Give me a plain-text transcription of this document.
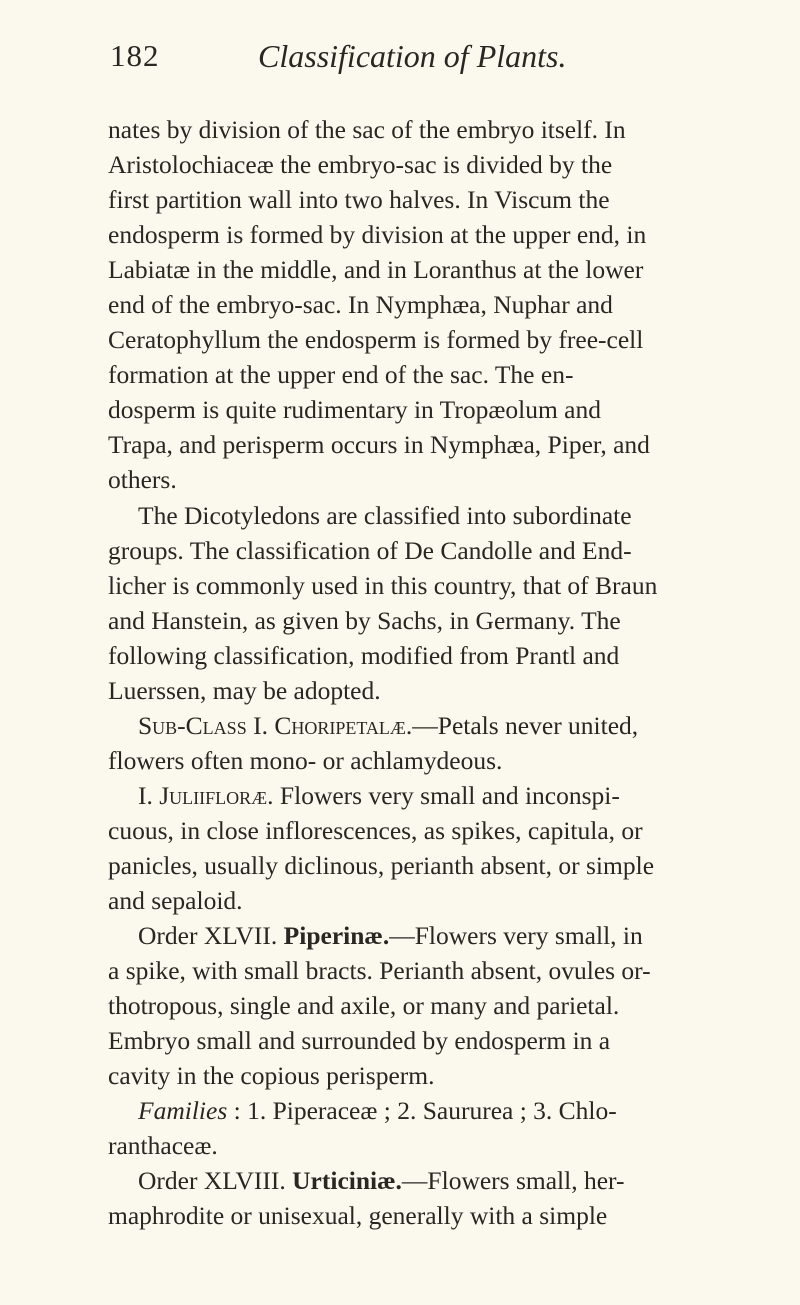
182	Classification of Plants.
nates by division of the sac of the embryo itself. In
Aristolochiaceæ the embryo-sac is divided by the
first partition wall into two halves. In Viscum the
endosperm is formed by division at the upper end, in
Labiatæ in the middle, and in Loranthus at the lower
end of the embryo-sac. In Nymphæa, Nuphar and
Ceratophyllum the endosperm is formed by free-cell
formation at the upper end of the sac. The en-
dosperm is quite rudimentary in Tropæolum and
Trapa, and perisperm occurs in Nymphæa, Piper, and
others.
The Dicotyledons are classified into subordinate
groups. The classification of De Candolle and End-
licher is commonly used in this country, that of Braun
and Hanstein, as given by Sachs, in Germany. The
following classification, modified from Prantl and
Luerssen, may be adopted.
Sub-Class I. Choripetalæ.—Petals never united,
flowers often mono- or achlamydeous.
I. Juliifloræ. Flowers very small and inconspi-
cuous, in close inflorescences, as spikes, capitula, or
panicles, usually diclinous, perianth absent, or simple
and sepaloid.
Order XLVII. Piperinæ.—Flowers very small, in
a spike, with small bracts. Perianth absent, ovules or-
thotropous, single and axile, or many and parietal.
Embryo small and surrounded by endosperm in a
cavity in the copious perisperm.
Families : 1. Piperaceæ ; 2. Saururea ; 3. Chlo-
ranthaceæ.
Order XLVIII. Urticiniæ.—Flowers small, her-
maphrodite or unisexual, generally with a simple
